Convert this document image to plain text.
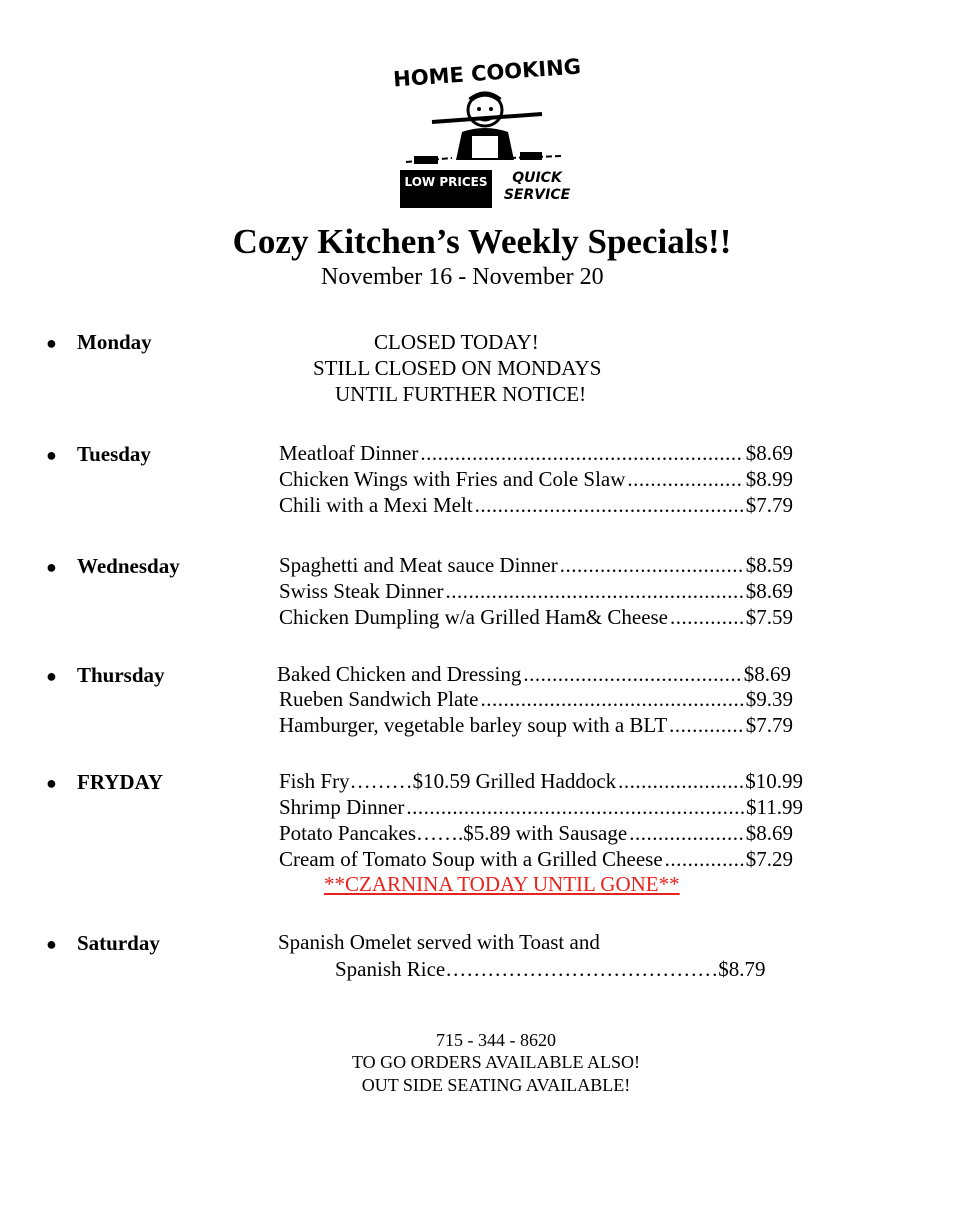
HOME COOKING
LOW PRICES	QUICK SERVICE
Cozy Kitchen’s Weekly Specials!!
November 16 - November 20
● Monday	CLOSED TODAY!
STILL CLOSED ON MONDAYS
UNTIL FURTHER NOTICE!
● Tuesday	Meatloaf Dinner .....	$8.69
Chicken Wings with Fries and Cole Slaw .....	$8.99
Chili with a Mexi Melt .....	$7.79
● Wednesday	Spaghetti and Meat sauce Dinner .....	$8.59
Swiss Steak Dinner .....	$8.69
Chicken Dumpling w/a Grilled Ham& Cheese .....	$7.59
● Thursday	Baked Chicken and Dressing .....	$8.69
Rueben Sandwich Plate .....	$9.39
Hamburger, vegetable barley soup with a BLT .....	$7.79
● FRYDAY	Fish Fry………$10.59 Grilled Haddock .....	$10.99
Shrimp Dinner .....	$11.99
Potato Pancakes…….$5.89 with Sausage .....	$8.69
Cream of Tomato Soup with a Grilled Cheese .....	$7.29
**CZARNINA TODAY UNTIL GONE**
● Saturday	Spanish Omelet served with Toast and
Spanish Rice…………………………………$8.79
715 - 344 - 8620
TO GO ORDERS AVAILABLE ALSO!
OUT SIDE SEATING AVAILABLE!
